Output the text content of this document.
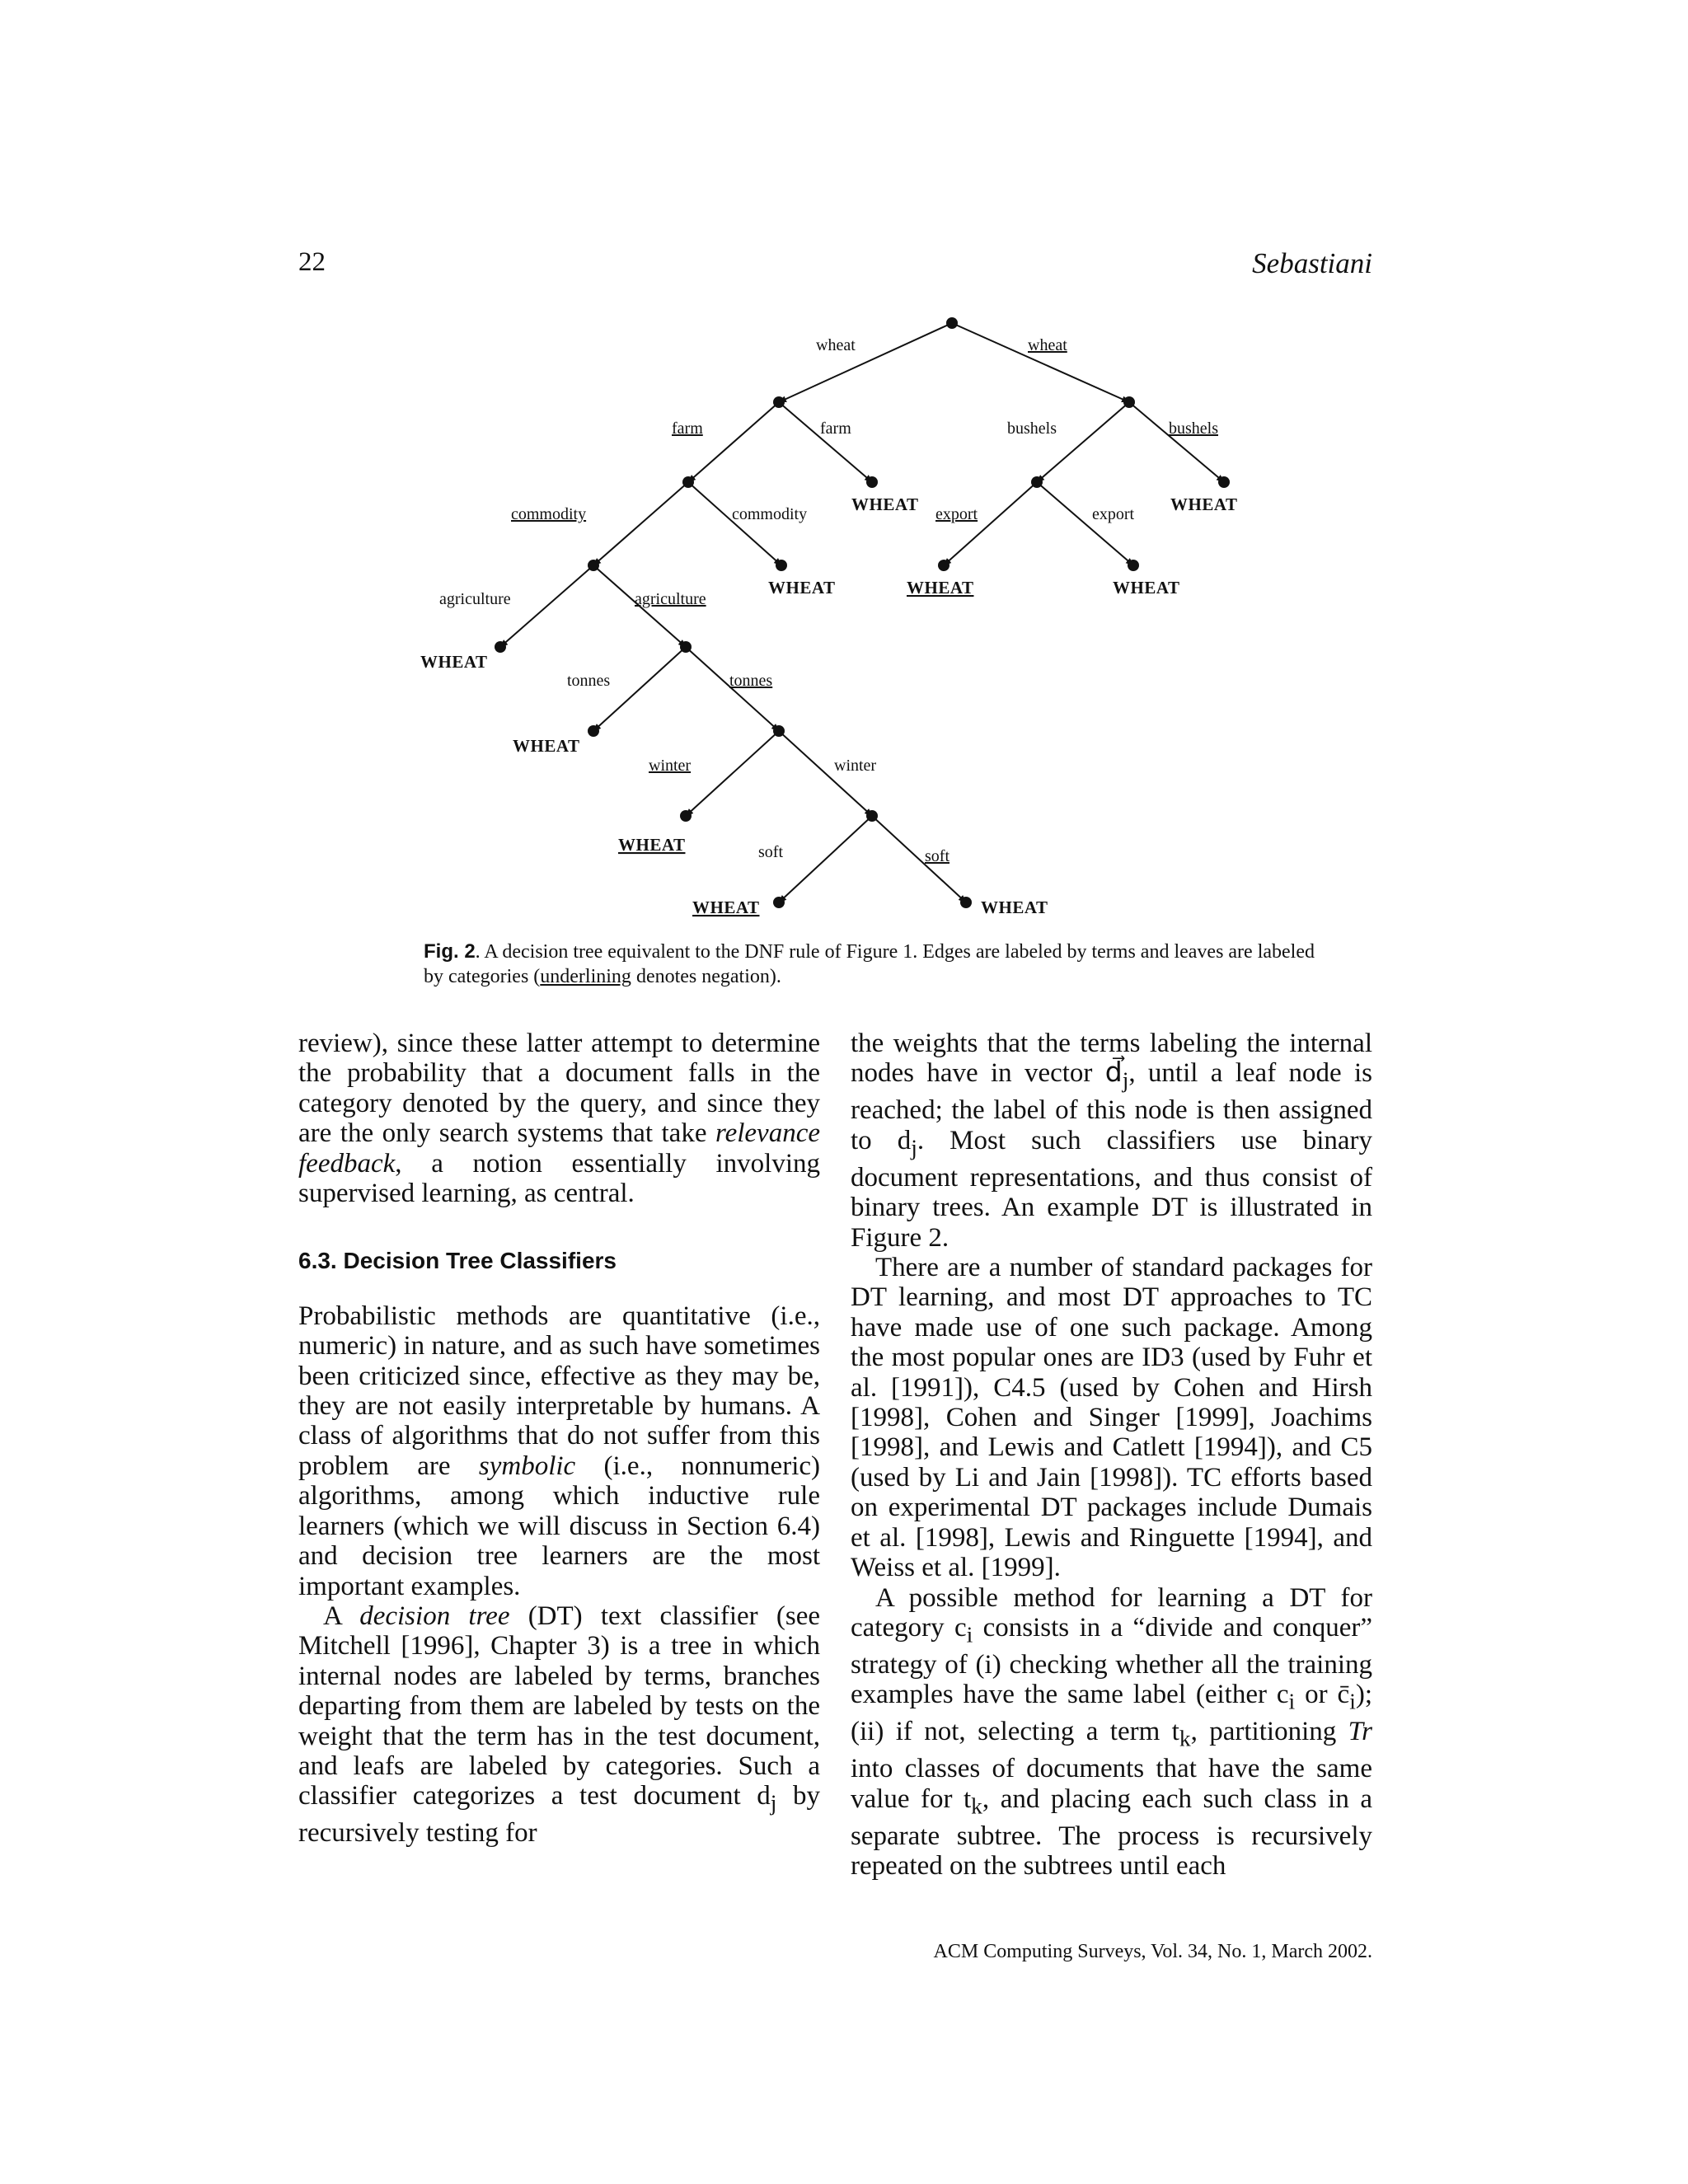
22	Sebastiani
wheat	wheat
farm	farm	bushels	bushels
commodity	commodity	export	export
agriculture	agriculture
tonnes	tonnes
winter	winter
soft	soft
WHEAT	WHEAT
WHEAT	WHEAT	WHEAT
WHEAT
WHEAT
WHEAT
WHEAT	WHEAT
Fig. 2. A decision tree equivalent to the DNF rule of Figure 1. Edges are labeled by terms and leaves are labeled by categories (underlining denotes negation).

review), since these latter attempt to determine the probability that a document falls in the category denoted by the query, and since they are the only search systems that take relevance feedback, a notion essentially involving supervised learning, as central.

6.3. Decision Tree Classifiers

Probabilistic methods are quantitative (i.e., numeric) in nature, and as such have sometimes been criticized since, effective as they may be, they are not easily interpretable by humans. A class of algorithms that do not suffer from this problem are symbolic (i.e., nonnumeric) algorithms, among which inductive rule learners (which we will discuss in Section 6.4) and decision tree learners are the most important examples.

A decision tree (DT) text classifier (see Mitchell [1996], Chapter 3) is a tree in which internal nodes are labeled by terms, branches departing from them are labeled by tests on the weight that the term has in the test document, and leafs are labeled by categories. Such a classifier categorizes a test document $d_j$ by recursively testing for

the weights that the terms labeling the internal nodes have in vector $d⃗_j$, until a leaf node is reached; the label of this node is then assigned to $d_j$. Most such classifiers use binary document representations, and thus consist of binary trees. An example DT is illustrated in Figure 2.

There are a number of standard packages for DT learning, and most DT approaches to TC have made use of one such package. Among the most popular ones are ID3 (used by Fuhr et al. [1991]), C4.5 (used by Cohen and Hirsh [1998], Cohen and Singer [1999], Joachims [1998], and Lewis and Catlett [1994]), and C5 (used by Li and Jain [1998]). TC efforts based on experimental DT packages include Dumais et al. [1998], Lewis and Ringuette [1994], and Weiss et al. [1999].

A possible method for learning a DT for category $c_i$ consists in a “divide and conquer” strategy of (i) checking whether all the training examples have the same label (either $c_i$ or $c̄_i$); (ii) if not, selecting a term $t_k$, partitioning Tr into classes of documents that have the same value for $t_k$, and placing each such class in a separate subtree. The process is recursively repeated on the subtrees until each

ACM Computing Surveys, Vol. 34, No. 1, March 2002.
